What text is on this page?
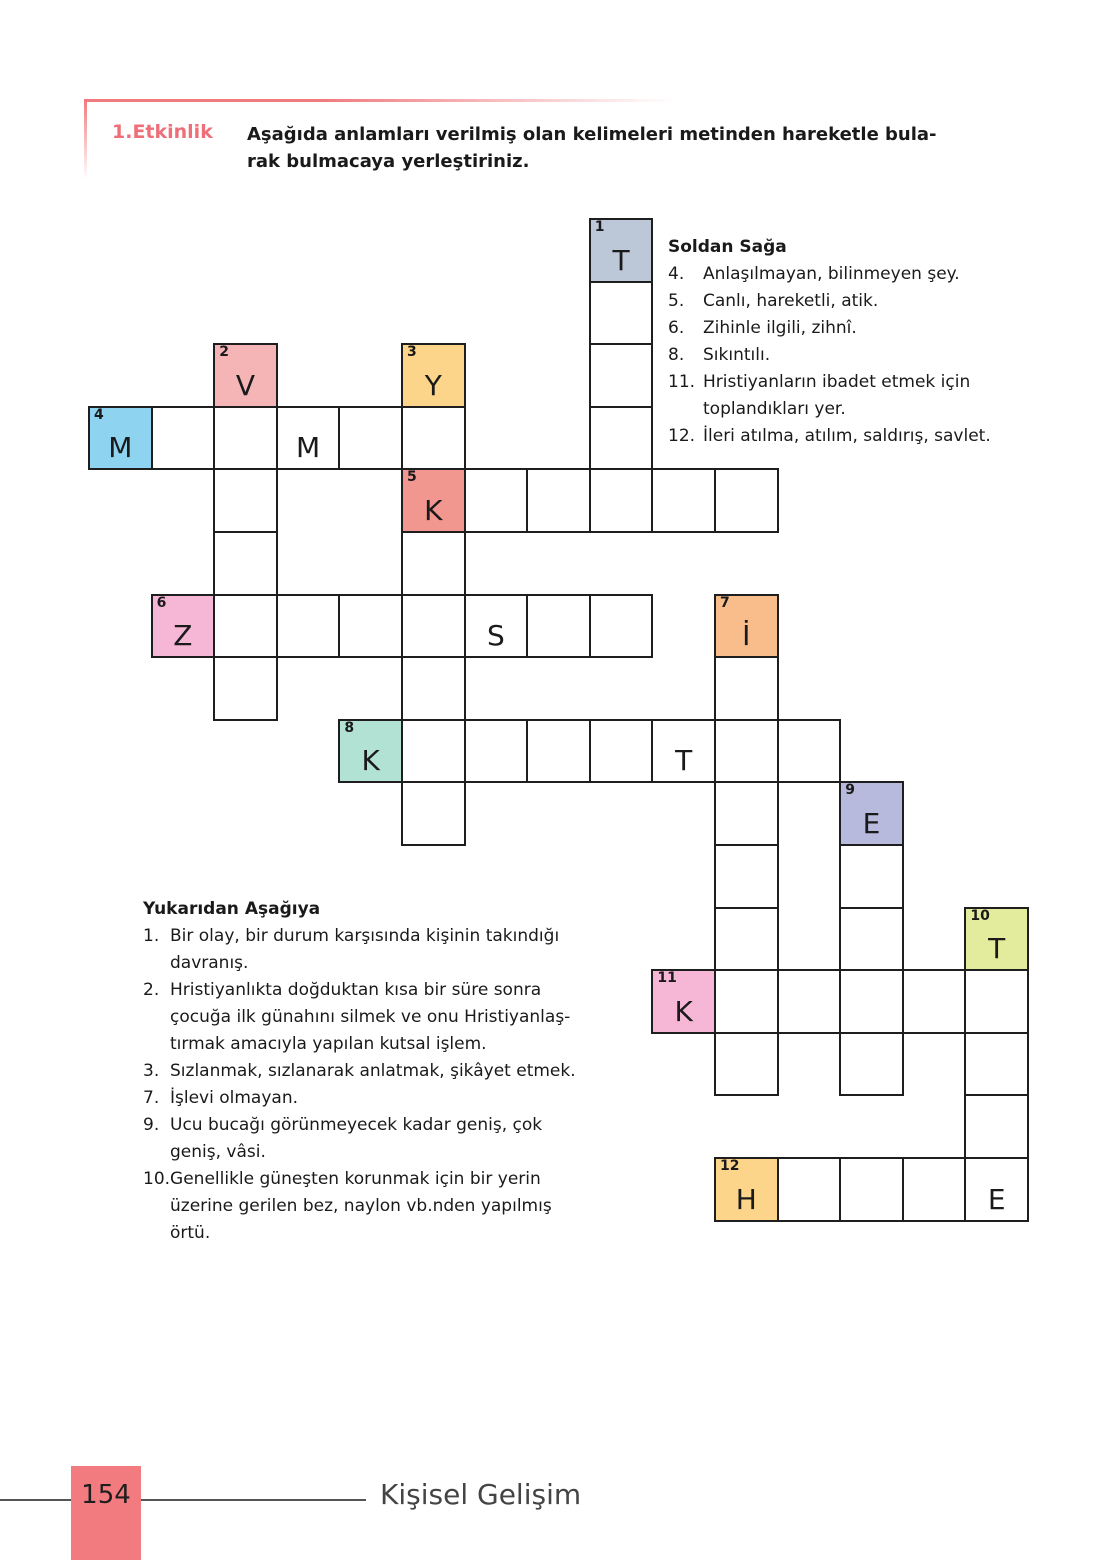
1.Etkinlik Aşağıda anlamları verilmiş olan kelimeleri metinden hareketle bula-
rak bulmacaya yerleştiriniz.
1
T
2
V
3
Y
4
M	M
5
K
6
Z	S
7
İ
8
K	T
9
E
10
T
11
K
12
H	E
Soldan Sağa
4.	Anlaşılmayan, bilinmeyen şey.
5.	Canlı, hareketli, atik.
6.	Zihinle ilgili, zihnî.
8.	Sıkıntılı.
11. Hristiyanların ibadet etmek için
toplandıkları yer.
12. İleri atılma, atılım, saldırış, savlet.
Yukarıdan Aşağıya
1. Bir olay, bir durum karşısında kişinin takındığı
davranış.
2. Hristiyanlıkta doğduktan kısa bir süre sonra
çocuğa ilk günahını silmek ve onu Hristiyanlaş-
tırmak amacıyla yapılan kutsal işlem.
3. Sızlanmak, sızlanarak anlatmak, şikâyet etmek.
7. İşlevi olmayan.
9. Ucu bucağı görünmeyecek kadar geniş, çok
geniş, vâsi.
10. Genellikle güneşten korunmak için bir yerin
üzerine gerilen bez, naylon vb.nden yapılmış
örtü.
154	Kişisel Gelişim
